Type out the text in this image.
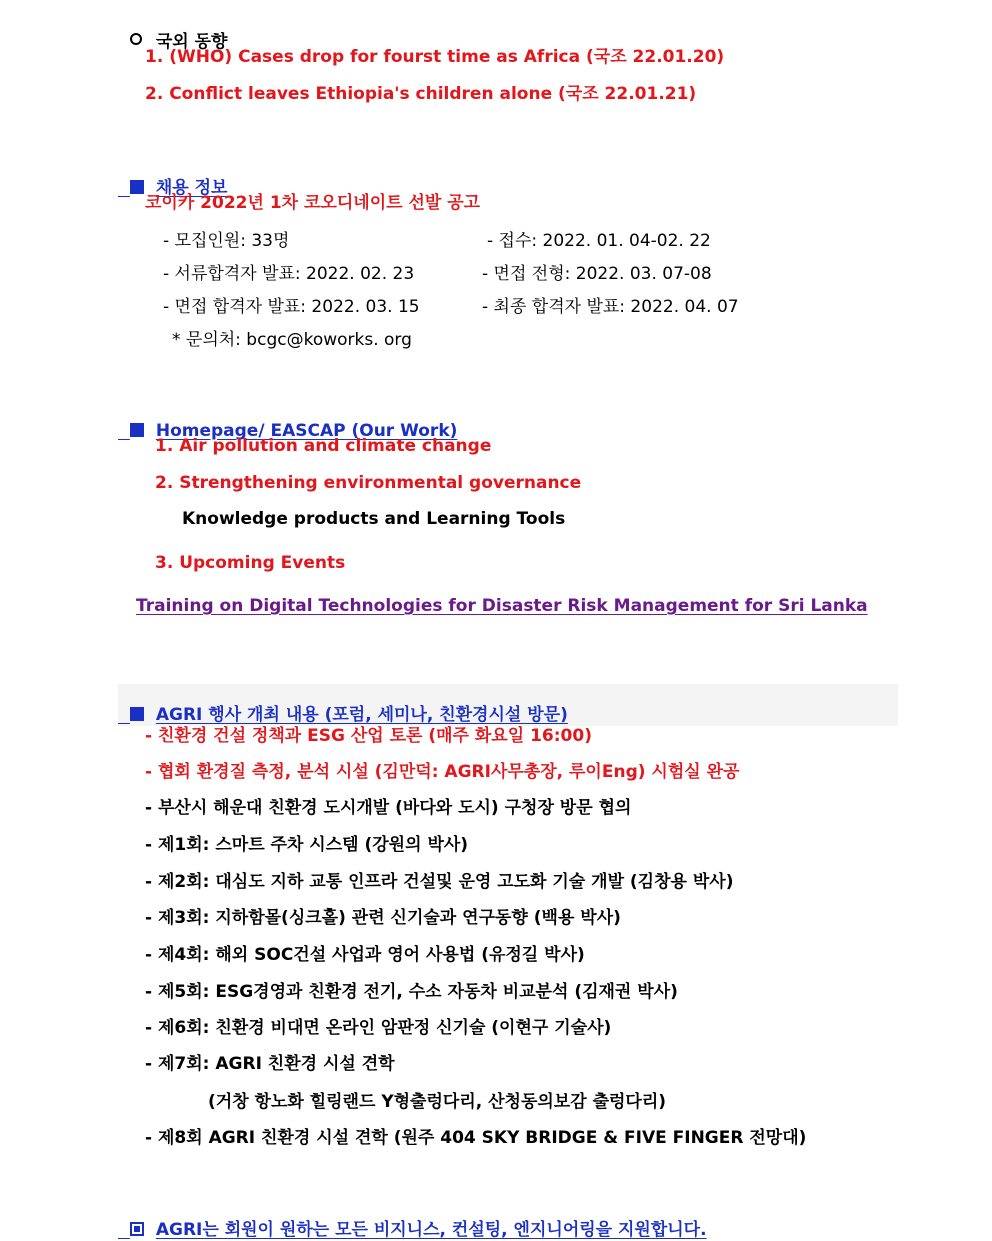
국외 동향

1. (WHO) Cases drop for fourst time as Africa (국조 22.01.20)
2. Conflict leaves Ethiopia's children alone (국조 22.01.21)

채용 정보

코이카 2022년 1차 코오디네이트 선발 공고
- 모집인원: 33명	- 접수: 2022. 01. 04-02. 22
- 서류합격자 발표: 2022. 02. 23	- 면접 전형: 2022. 03. 07-08
- 면접 합격자 발표: 2022. 03. 15	- 최종 합격자 발표: 2022. 04. 07
* 문의처: bcgc@koworks. org

Homepage/ EASCAP (Our Work)

1. Air pollution and climate change
2. Strengthening environmental governance
Knowledge products and Learning Tools
3. Upcoming Events
Training on Digital Technologies for Disaster Risk Management for Sri Lanka

AGRI 행사 개최 내용 (포럼, 세미나, 친환경시설 방문)

- 친환경 건설 정책과 ESG 산업 토론 (매주 화요일 16:00)
- 협회 환경질 측정, 분석 시설 (김만덕: AGRI사무총장, 루이Eng) 시험실 완공
- 부산시 해운대 친환경 도시개발 (바다와 도시) 구청장 방문 협의
- 제1회: 스마트 주차 시스템 (강원의 박사)
- 제2회: 대심도 지하 교통 인프라 건설및 운영 고도화 기술 개발 (김창용 박사)
- 제3회: 지하함몰(싱크홀) 관련 신기술과 연구동향 (백용 박사)
- 제4회: 해외 SOC건설 사업과 영어 사용법 (유정길 박사)
- 제5회: ESG경영과 친환경 전기, 수소 자동차 비교분석 (김재권 박사)
- 제6회: 친환경 비대면 온라인 암판정 신기술 (이현구 기술사)
- 제7회: AGRI 친환경 시설 견학
(거창 항노화 힐링랜드 Y형출렁다리, 산청동의보감 출렁다리)
- 제8회 AGRI 친환경 시설 견학 (원주 404 SKY BRIDGE & FIVE FINGER 전망대)

AGRI는 회원이 원하는 모든 비지니스, 컨설팅, 엔지니어링을 지원합니다.
